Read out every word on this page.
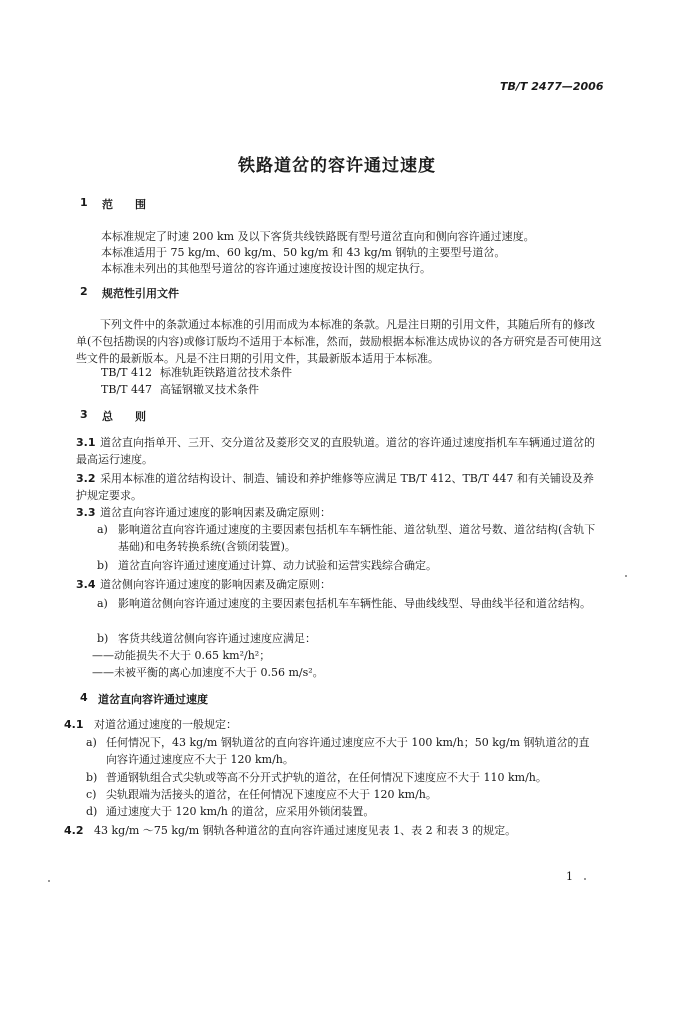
TB/T 2477—2006
铁路道岔的容许通过速度
1 范　　围
本标准规定了时速 200 km 及以下客货共线铁路既有型号道岔直向和侧向容许通过速度。
本标准适用于 75 kg/m、60 kg/m、50 kg/m 和 43 kg/m 钢轨的主要型号道岔。
本标准未列出的其他型号道岔的容许通过速度按设计图的规定执行。
2 规范性引用文件
下列文件中的条款通过本标准的引用而成为本标准的条款。凡是注日期的引用文件，其随后所有的修改单(不包括勘误的内容)或修订版均不适用于本标准，然而，鼓励根据本标准达成协议的各方研究是否可使用这些文件的最新版本。凡是不注日期的引用文件，其最新版本适用于本标准。
TB/T 412 标准轨距铁路道岔技术条件
TB/T 447 高锰钢辙叉技术条件
3 总　　则
3.1 道岔直向指单开、三开、交分道岔及菱形交叉的直股轨道。道岔的容许通过速度指机车车辆通过道岔的最高运行速度。
3.2 采用本标准的道岔结构设计、制造、铺设和养护维修等应满足 TB/T 412、TB/T 447 和有关铺设及养护规定要求。
3.3 道岔直向容许通过速度的影响因素及确定原则：
a) 影响道岔直向容许通过速度的主要因素包括机车车辆性能、道岔轨型、道岔号数、道岔结构(含轨下基础)和电务转换系统(含锁闭装置)。
b) 道岔直向容许通过速度通过计算、动力试验和运营实践综合确定。
3.4 道岔侧向容许通过速度的影响因素及确定原则：
a) 影响道岔侧向容许通过速度的主要因素包括机车车辆性能、导曲线线型、导曲线半径和道岔结构。
b) 客货共线道岔侧向容许通过速度应满足：
——动能损失不大于 0.65 km²/h²；
——未被平衡的离心加速度不大于 0.56 m/s²。
4 道岔直向容许通过速度
4.1 对道岔通过速度的一般规定：
a) 任何情况下，43 kg/m 钢轨道岔的直向容许通过速度应不大于 100 km/h；50 kg/m 钢轨道岔的直向容许通过速度应不大于 120 km/h。
b) 普通钢轨组合式尖轨或等高不分开式护轨的道岔，在任何情况下速度应不大于 110 km/h。
c) 尖轨跟端为活接头的道岔，在任何情况下速度应不大于 120 km/h。
d) 通过速度大于 120 km/h 的道岔，应采用外锁闭装置。
4.2 43 kg/m ～75 kg/m 钢轨各种道岔的直向容许通过速度见表 1、表 2 和表 3 的规定。
1
